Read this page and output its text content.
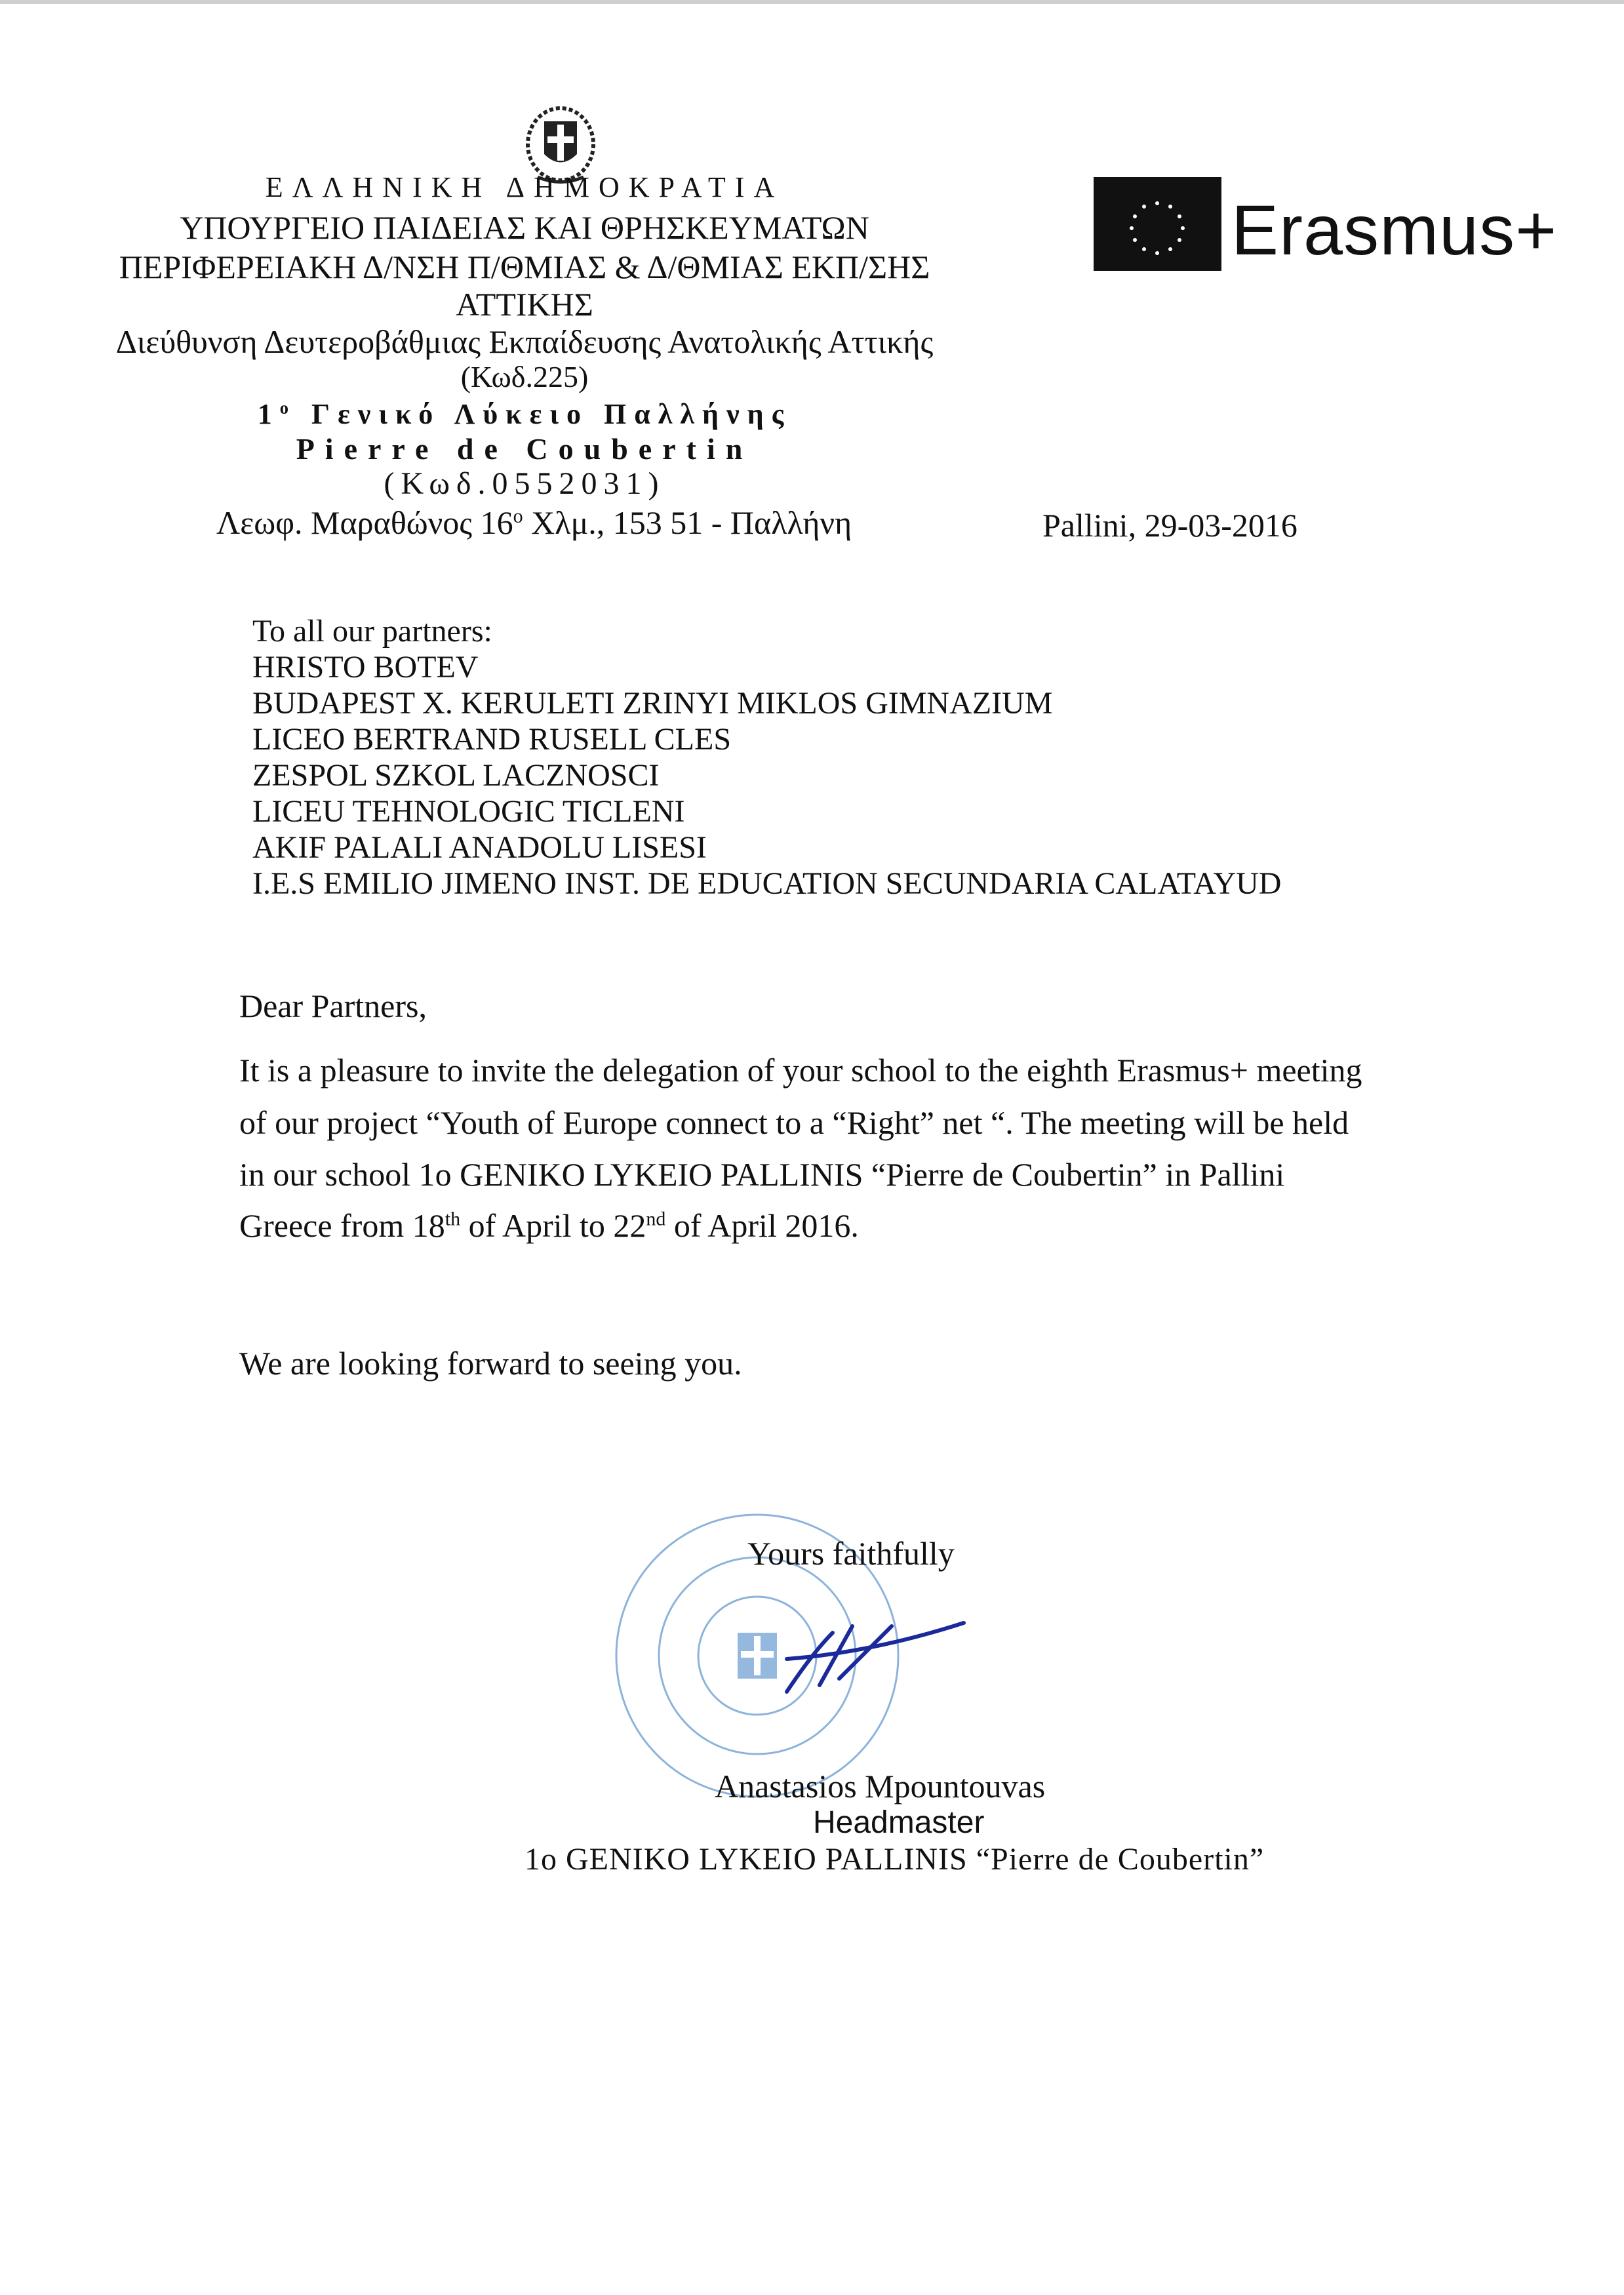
ΕΛΛΗΝΙΚΗ ΔΗΜΟΚΡΑΤΙΑ
ΥΠΟΥΡΓΕΙΟ ΠΑΙΔΕΙΑΣ ΚΑΙ ΘΡΗΣΚΕΥΜΑΤΩΝ
ΠΕΡΙΦΕΡΕΙΑΚΗ Δ/ΝΣΗ Π/ΘΜΙΑΣ & Δ/ΘΜΙΑΣ ΕΚΠ/ΣΗΣ
ΑΤΤΙΚΗΣ
Διεύθυνση Δευτεροβάθμιας Εκπαίδευσης Ανατολικής Αττικής
(Κωδ.225)
$1^o$ Γενικό Λύκειο Παλλήνης
Pierre de Coubertin
(Κωδ.0552031)
Λεωφ. Μαραθώνος $16^o$ Χλμ., 153 51 - Παλλήνη	Pallini, 29-03-2016
Erasmus+
To all our partners:
HRISTO BOTEV
BUDAPEST X. KERULETI ZRINYI MIKLOS GIMNAZIUM
LICEO BERTRAND RUSELL CLES
ZESPOL SZKOL LACZNOSCI
LICEU TEHNOLOGIC TICLENI
AKIF PALALI ANADOLU LISESI
I.E.S EMILIO JIMENO INST. DE EDUCATION SECUNDARIA CALATAYUD
Dear Partners,
It is a pleasure to invite the delegation of your school to the eighth Erasmus+ meeting
of our project “Youth of Europe connect to a “Right” net “. The meeting will be held
in our school 1o GENIKO LYKEIO PALLINIS “Pierre de Coubertin” in Pallini
Greece from 18th of April to 22nd of April 2016.
We are looking forward to seeing you.
Yours faithfully
Anastasios Mpountouvas
Headmaster
1o GENIKO LYKEIO PALLINIS “Pierre de Coubertin”
